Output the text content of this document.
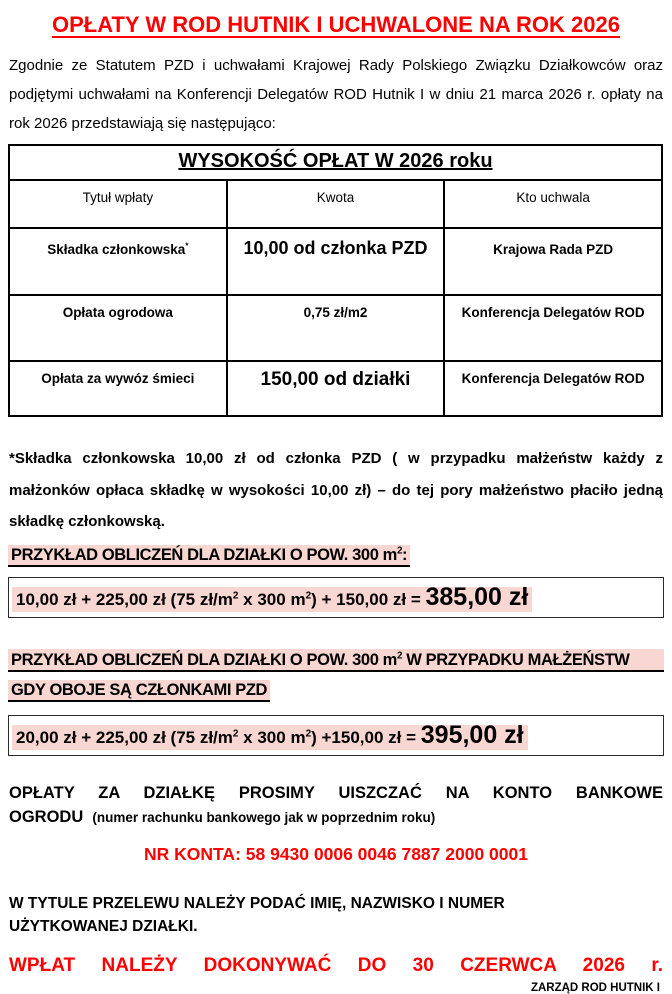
OPŁATY W ROD HUTNIK I UCHWALONE NA ROK 2026

Zgodnie ze Statutem PZD i uchwałami Krajowej Rady Polskiego Związku Działkowców oraz podjętymi uchwałami na Konferencji Delegatów ROD Hutnik I w dniu 21 marca 2026 r. opłaty na rok 2026 przedstawiają się następująco:

WYSOKOŚĆ OPŁAT W 2026 roku		
Tytuł wpłaty	Kwota	Kto uchwala
Składka członkowska*	10,00 od członka PZD	Krajowa Rada PZD
Opłata ogrodowa	0,75 zł/m2	Konferencja Delegatów ROD
Opłata za wywóz śmieci	150,00 od działki	Konferencja Delegatów ROD

*Składka członkowska 10,00 zł od członka PZD ( w przypadku małżeństw każdy z małżonków opłaca składkę w wysokości 10,00 zł) – do tej pory małżeństwo płaciło jedną składkę członkowską.

PRZYKŁAD OBLICZEŃ DLA DZIAŁKI O POW. 300 $m^2$:
10,00 zł + 225,00 zł (75 $zł/m^2$ x 300 $m^2) + 150,00$ zł = 385,00 zł
PRZYKŁAD OBLICZEŃ DLA DZIAŁKI O POW. 300 $m^2$ W PRZYPADKU MAŁŻEŃSTW
GDY OBOJE SĄ CZŁONKAMI PZD
20,00 zł + 225,00 zł (75 $zł/m^2$ x 300 $m^2) +150,00$ zł = 395,00 zł

OPŁATY ZA DZIAŁKĘ PROSIMY UISZCZAĆ NA KONTO BANKOWE
OGRODU (numer rachunku bankowego jak w poprzednim roku)

NR KONTA: 58 9430 0006 0046 7887 2000 0001

W TYTULE PRZELEWU NALEŻY PODAĆ IMIĘ, NAZWISKO I NUMER UŻYTKOWANEJ DZIAŁKI.

WPŁAT NALEŻY DOKONYWAĆ DO 30 CZERWCA 2026 r.

ZARZĄD ROD HUTNIK I
